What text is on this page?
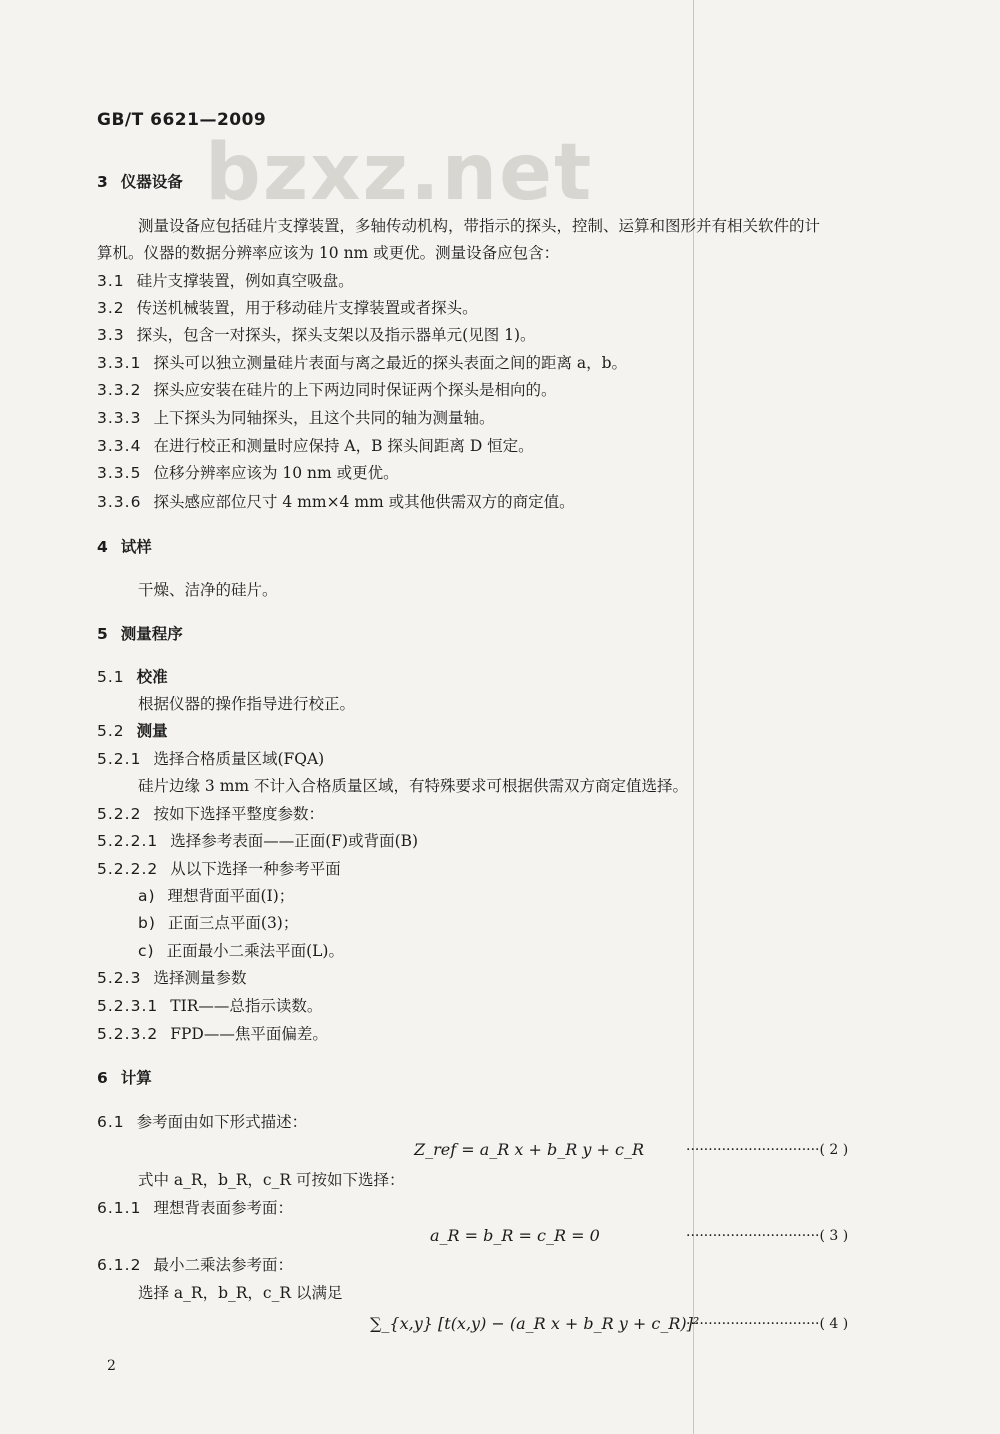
GB/T 6621—2009
bzxz.net
3 仪器设备
测量设备应包括硅片支撑装置，多轴传动机构，带指示的探头，控制、运算和图形并有相关软件的计
算机。仪器的数据分辨率应该为 10 nm 或更优。测量设备应包含：
3.1 硅片支撑装置，例如真空吸盘。
3.2 传送机械装置，用于移动硅片支撑装置或者探头。
3.3 探头，包含一对探头，探头支架以及指示器单元(见图 1)。
3.3.1 探头可以独立测量硅片表面与离之最近的探头表面之间的距离 a，b。
3.3.2 探头应安装在硅片的上下两边同时保证两个探头是相向的。
3.3.3 上下探头为同轴探头，且这个共同的轴为测量轴。
3.3.4 在进行校正和测量时应保持 A，B 探头间距离 D 恒定。
3.3.5 位移分辨率应该为 10 nm 或更优。
3.3.6 探头感应部位尺寸 4 mm×4 mm 或其他供需双方的商定值。
4 试样
干燥、洁净的硅片。
5 测量程序
5.1 校准
根据仪器的操作指导进行校正。
5.2 测量
5.2.1 选择合格质量区域(FQA)
硅片边缘 3 mm 不计入合格质量区域，有特殊要求可根据供需双方商定值选择。
5.2.2 按如下选择平整度参数：
5.2.2.1 选择参考表面——正面(F)或背面(B)
5.2.2.2 从以下选择一种参考平面
a) 理想背面平面(I)；
b) 正面三点平面(3)；
c) 正面最小二乘法平面(L)。
5.2.3 选择测量参数
5.2.3.1 TIR——总指示读数。
5.2.3.2 FPD——焦平面偏差。
6 计算
6.1 参考面由如下形式描述：
Z_ref = a_R x + b_R y + c_R	······························( 2 )
式中 a_R，b_R，c_R 可按如下选择：
6.1.1 理想背表面参考面：
a_R = b_R = c_R = 0	······························( 3 )
6.1.2 最小二乘法参考面：
选择 a_R，b_R，c_R 以满足
∑_{x,y} [t(x,y) − (a_R x + b_R y + c_R)]²
······························( 4 )
2
